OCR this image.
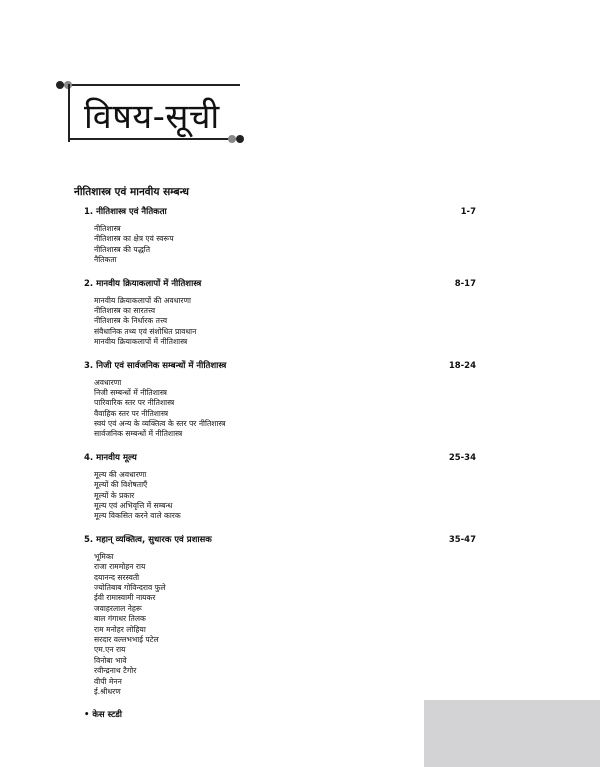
विषय-सूची
नीतिशास्त्र एवं मानवीय सम्बन्ध
1. नीतिशास्त्र एवं नैतिकता	1-7
नीतिशास्त्र
नीतिशास्त्र का क्षेत्र एवं स्वरूप
नीतिशास्त्र की पद्धति
नैतिकता
2. मानवीय क्रियाकलापों में नीतिशास्त्र	8-17
मानवीय क्रियाकलापों की अवधारणा
नीतिशास्त्र का सारतत्त्व
नीतिशास्त्र के निर्धारक तत्त्व
संवैधानिक तथ्य एवं संशोधित प्रावधान
मानवीय क्रियाकलापों में नीतिशास्त्र
3. निजी एवं सार्वजनिक सम्बन्धों में नीतिशास्त्र	18-24
अवधारणा
निजी सम्बन्धों में नीतिशास्त्र
पारिवारिक स्तर पर नीतिशास्त्र
वैवाहिक स्तर पर नीतिशास्त्र
स्वयं एवं अन्य के व्यक्तित्व के स्तर पर नीतिशास्त्र
सार्वजनिक सम्बन्धों में नीतिशास्त्र
4. मानवीय मूल्य	25-34
मूल्य की अवधारणा
मूल्यों की विशेषताएँ
मूल्यों के प्रकार
मूल्य एवं अभिवृत्ति में सम्बन्ध
मूल्य विकसित करने वाले कारक
5. महान् व्यक्तित्व, सुधारक एवं प्रशासक	35-47
भूमिका
राजा राममोहन राय
दयानन्द सरस्वती
ज्योतिबाब गोविन्दराव फुले
ईवी रामास्वामी नायकर
जवाहरलाल नेहरू
बाल गंगाधर तिलक
राम मनोहर लोहिया
सरदार वल्लभभाई पटेल
एम.एन राय
विनोबा भावे
रवीन्द्रनाथ टैगोर
वीपी मेनन
ई.श्रीधरण
• केस स्टडी
